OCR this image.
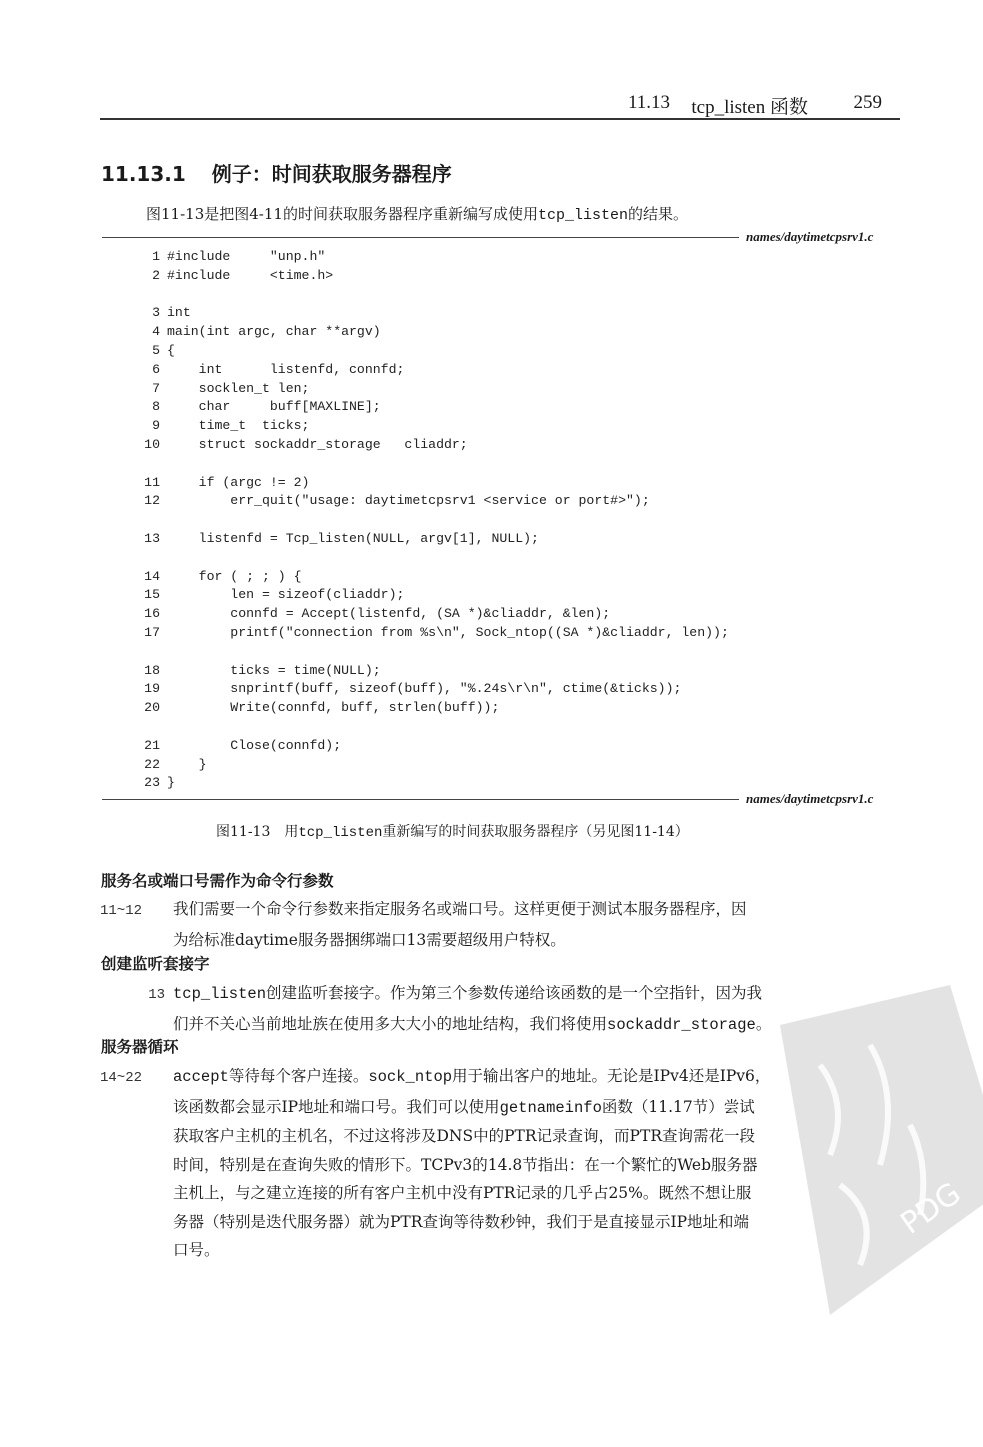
11.13 tcp_listen 函数 259
11.13.1 例子：时间获取服务器程序
图11-13是把图4-11的时间获取服务器程序重新编写成使用tcp_listen的结果。
names/daytimetcpsrv1.c
1 #include     "unp.h"
2 #include     <time.h>
3 int
4 main(int argc, char **argv)
5 {
6    int      listenfd, connfd;
7    socklen_t len;
8    char     buff[MAXLINE];
9    time_t  ticks;
10    struct sockaddr_storage   cliaddr;
11    if (argc != 2)
12        err_quit("usage: daytimetcpsrv1 <service or port#>");
13    listenfd = Tcp_listen(NULL, argv[1], NULL);
14    for ( ; ; ) {
15        len = sizeof(cliaddr);
16        connfd = Accept(listenfd, (SA *)&cliaddr, &len);
17        printf("connection from %s\n", Sock_ntop((SA *)&cliaddr, len));
18        ticks = time(NULL);
19        snprintf(buff, sizeof(buff), "%.24s\r\n", ctime(&ticks));
20        Write(connfd, buff, strlen(buff));
21        Close(connfd);
22    }
23 }
names/daytimetcpsrv1.c
图11-13 用tcp_listen重新编写的时间获取服务器程序（另见图11-14）
服务名或端口号需作为命令行参数
11~12 我们需要一个命令行参数来指定服务名或端口号。这样更便于测试本服务器程序，因
为给标准daytime服务器捆绑端口13需要超级用户特权。
创建监听套接字
13 tcp_listen创建监听套接字。作为第三个参数传递给该函数的是一个空指针，因为我
们并不关心当前地址族在使用多大大小的地址结构，我们将使用sockaddr_storage。
服务器循环
14~22 accept等待每个客户连接。sock_ntop用于输出客户的地址。无论是IPv4还是IPv6，
该函数都会显示IP地址和端口号。我们可以使用getnameinfo函数（11.17节）尝试
获取客户主机的主机名，不过这将涉及DNS中的PTR记录查询，而PTR查询需花一段
时间，特别是在查询失败的情形下。TCPv3的14.8节指出：在一个繁忙的Web服务器
主机上，与之建立连接的所有客户主机中没有PTR记录的几乎占25%。既然不想让服
务器（特别是迭代服务器）就为PTR查询等待数秒钟，我们于是直接显示IP地址和端
口号。
PDG
